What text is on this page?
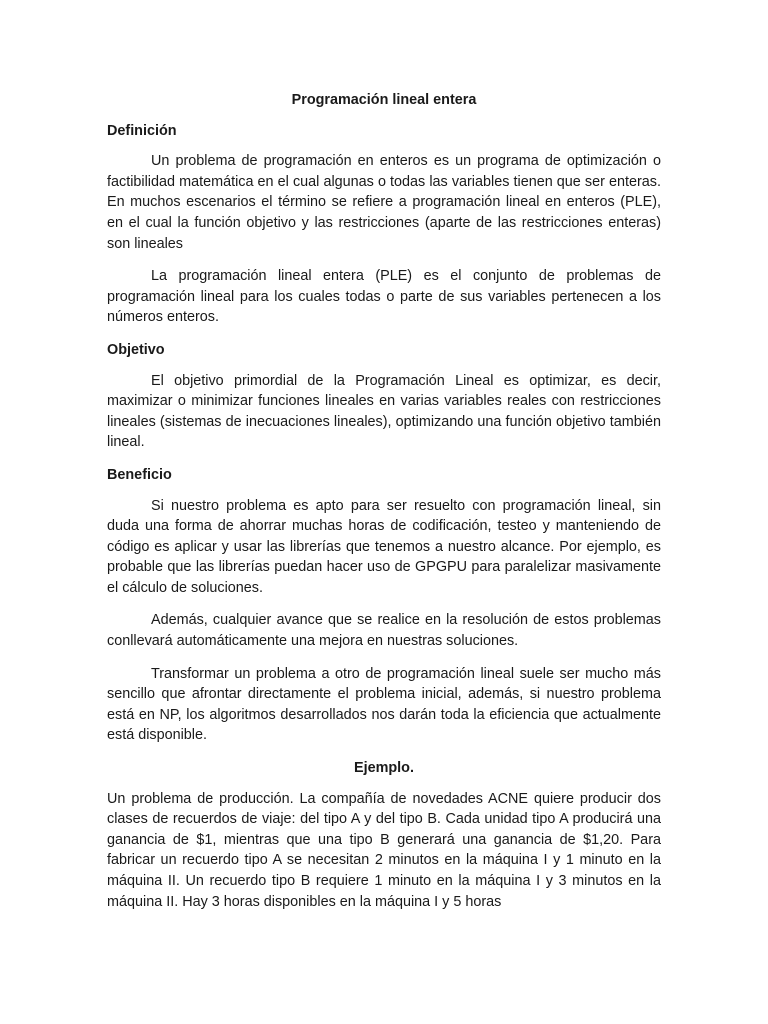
Programación lineal entera
Definición

Un problema de programación en enteros es un programa de optimización o factibilidad matemática en el cual algunas o todas las variables tienen que ser enteras. En muchos escenarios el término se refiere a programación lineal en enteros (PLE), en el cual la función objetivo y las restricciones (aparte de las restricciones enteras) son lineales

La programación lineal entera (PLE) es el conjunto de problemas de programación lineal para los cuales todas o parte de sus variables pertenecen a los números enteros.

Objetivo

El objetivo primordial de la Programación Lineal es optimizar, es decir, maximizar o minimizar funciones lineales en varias variables reales con restricciones lineales (sistemas de inecuaciones lineales), optimizando una función objetivo también lineal.

Beneficio

Si nuestro problema es apto para ser resuelto con programación lineal, sin duda una forma de ahorrar muchas horas de codificación, testeo y manteniendo de código es aplicar y usar las librerías que tenemos a nuestro alcance. Por ejemplo, es probable que las librerías puedan hacer uso de GPGPU para paralelizar masivamente el cálculo de soluciones.

Además, cualquier avance que se realice en la resolución de estos problemas conllevará automáticamente una mejora en nuestras soluciones.

Transformar un problema a otro de programación lineal suele ser mucho más sencillo que afrontar directamente el problema inicial, además, si nuestro problema está en NP, los algoritmos desarrollados nos darán toda la eficiencia que actualmente está disponible.

Ejemplo.

Un problema de producción. La compañía de novedades ACNE quiere producir dos clases de recuerdos de viaje: del tipo A y del tipo B. Cada unidad tipo A producirá una ganancia de $1, mientras que una tipo B generará una ganancia de $1,20. Para fabricar un recuerdo tipo A se necesitan 2 minutos en la máquina I y 1 minuto en la máquina II. Un recuerdo tipo B requiere 1 minuto en la máquina I y 3 minutos en la máquina II. Hay 3 horas disponibles en la máquina I y 5 horas
